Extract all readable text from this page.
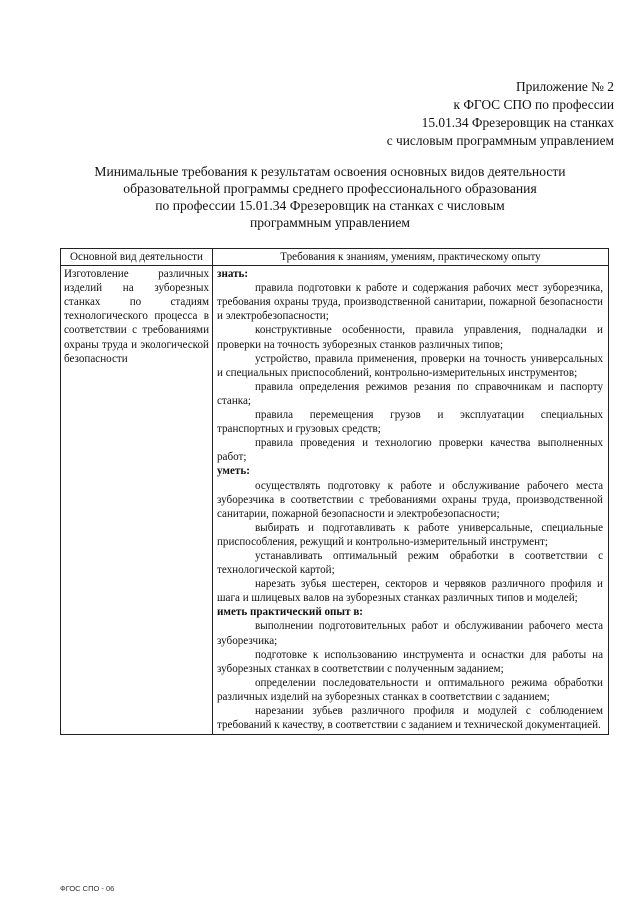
Приложение № 2
к ФГОС СПО по профессии
15.01.34 Фрезеровщик на станках
с числовым программным управлением
Минимальные требования к результатам освоения основных видов деятельности
образовательной программы среднего профессионального образования
по профессии 15.01.34 Фрезеровщик на станках с числовым
программным управлением
Основной вид деятельности	Требования к знаниям, умениям, практическому опыту
Изготовление различных изделий на зуборезных станках по стадиям технологического процесса в соответствии с требованиями охраны труда и экологической безопасности

знать:

правила подготовки к работе и содержания рабочих мест зуборезчика, требования охраны труда, производственной санитарии, пожарной безопасности и электробезопасности;

конструктивные особенности, правила управления, подналадки и проверки на точность зуборезных станков различных типов;

устройство, правила применения, проверки на точность универсальных и специальных приспособлений, контрольно-измерительных инструментов;

правила определения режимов резания по справочникам и паспорту станка;

правила перемещения грузов и эксплуатации специальных транспортных и грузовых средств;

правила проведения и технологию проверки качества выполненных работ;

уметь:

осуществлять подготовку к работе и обслуживание рабочего места зуборезчика в соответствии с требованиями охраны труда, производственной санитарии, пожарной безопасности и электробезопасности;

выбирать и подготавливать к работе универсальные, специальные приспособления, режущий и контрольно-измерительный инструмент;

устанавливать оптимальный режим обработки в соответствии с технологической картой;

нарезать зубья шестерен, секторов и червяков различного профиля и шага и шлицевых валов на зуборезных станках различных типов и моделей;

иметь практический опыт в:

выполнении подготовительных работ и обслуживании рабочего места зуборезчика;

подготовке к использованию инструмента и оснастки для работы на зуборезных станках в соответствии с полученным заданием;

определении последовательности и оптимального режима обработки различных изделий на зуборезных станках в соответствии с заданием;

нарезании зубьев различного профиля и модулей с соблюдением требований к качеству, в соответствии с заданием и технической документацией.

ФГОС СПО - 06
